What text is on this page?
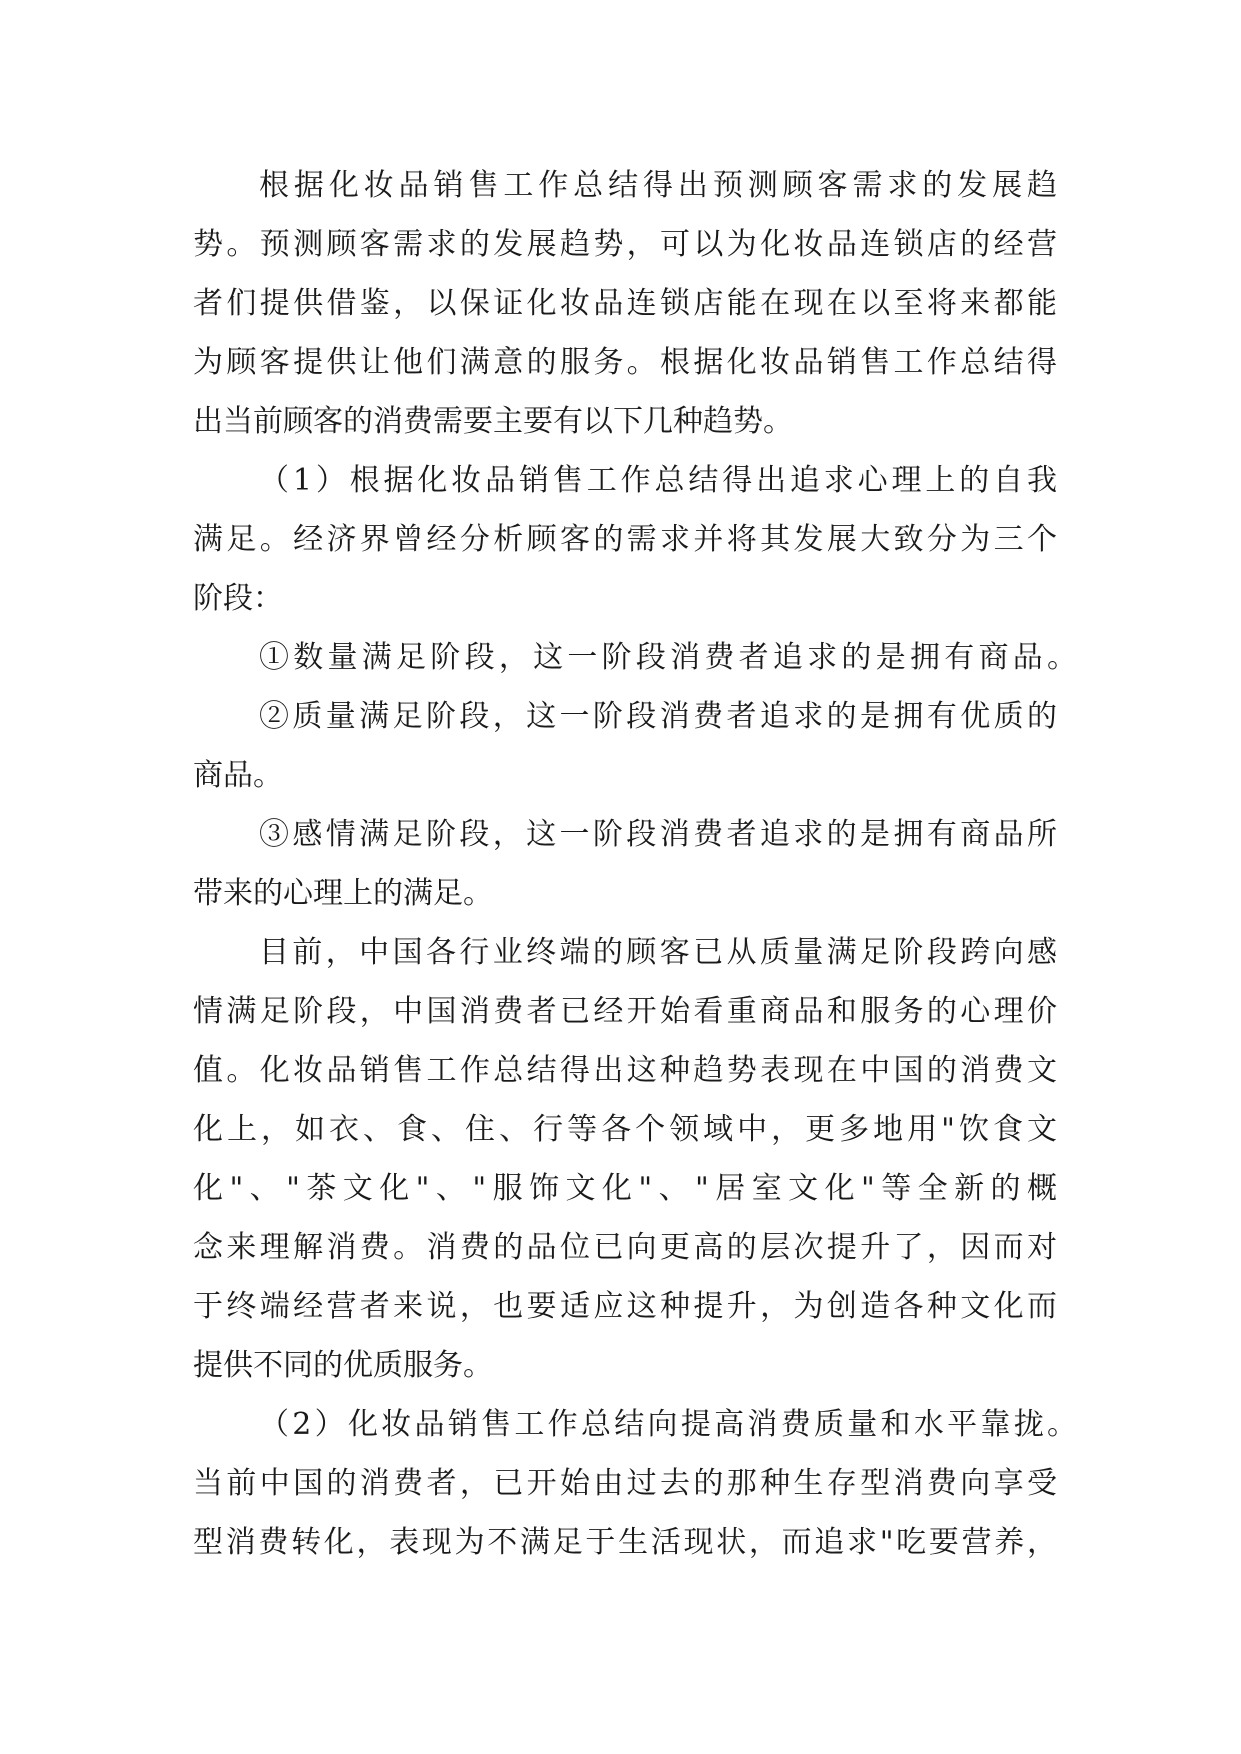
根据化妆品销售工作总结得出预测顾客需求的发展趋
势。预测顾客需求的发展趋势，可以为化妆品连锁店的经营
者们提供借鉴，以保证化妆品连锁店能在现在以至将来都能
为顾客提供让他们满意的服务。根据化妆品销售工作总结得
出当前顾客的消费需要主要有以下几种趋势。
（1）根据化妆品销售工作总结得出追求心理上的自我
满足。经济界曾经分析顾客的需求并将其发展大致分为三个
阶段：
①数量满足阶段，这一阶段消费者追求的是拥有商品。
②质量满足阶段，这一阶段消费者追求的是拥有优质的
商品。
③感情满足阶段，这一阶段消费者追求的是拥有商品所
带来的心理上的满足。
目前，中国各行业终端的顾客已从质量满足阶段跨向感
情满足阶段，中国消费者已经开始看重商品和服务的心理价
值。化妆品销售工作总结得出这种趋势表现在中国的消费文
化上，如衣、食、住、行等各个领域中，更多地用"饮食文
化"、"茶文化"、"服饰文化"、"居室文化"等全新的概
念来理解消费。消费的品位已向更高的层次提升了，因而对
于终端经营者来说，也要适应这种提升，为创造各种文化而
提供不同的优质服务。
（2）化妆品销售工作总结向提高消费质量和水平靠拢。
当前中国的消费者，已开始由过去的那种生存型消费向享受
型消费转化，表现为不满足于生活现状，而追求"吃要营养，
